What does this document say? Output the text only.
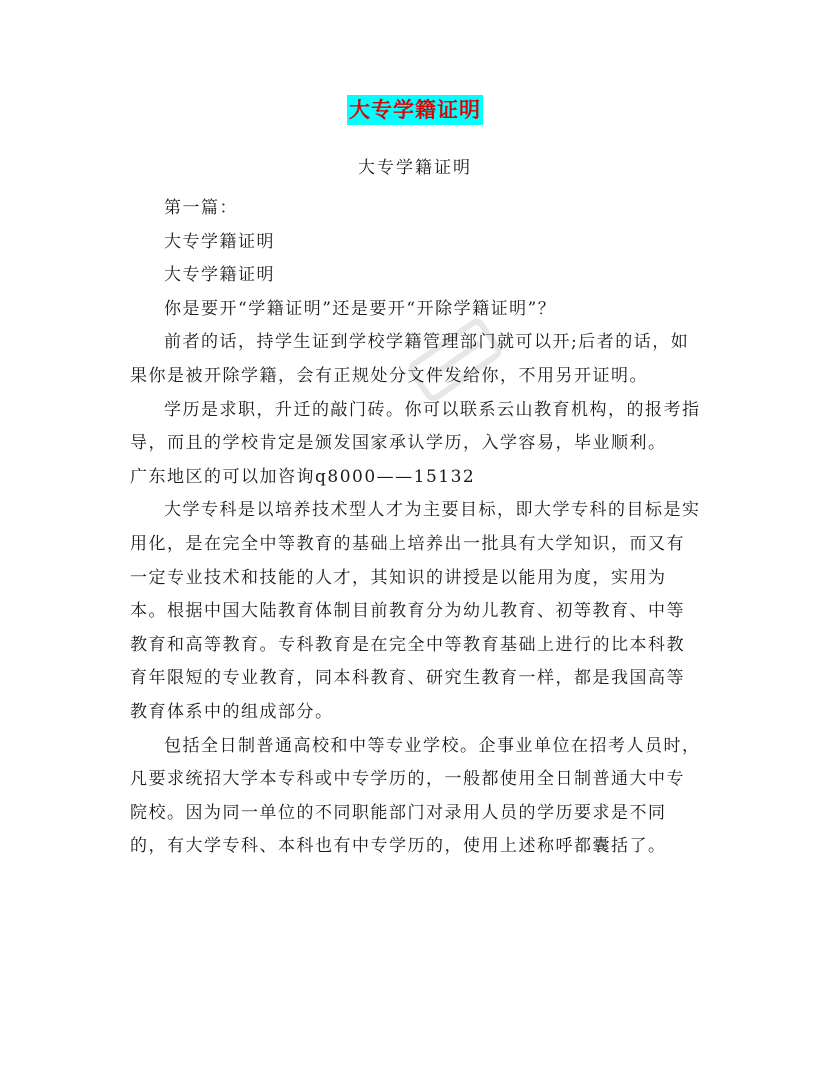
大专学籍证明
大专学籍证明

第一篇：

大专学籍证明

大专学籍证明

你是要开“学籍证明”还是要开“开除学籍证明”？

前者的话，持学生证到学校学籍管理部门就可以开;后者的话，如果你是被开除学籍，会有正规处分文件发给你，不用另开证明。

学历是求职，升迁的敲门砖。你可以联系云山教育机构，的报考指导，而且的学校肯定是颁发国家承认学历，入学容易，毕业顺利。

广东地区的可以加咨询q8000——15132

大学专科是以培养技术型人才为主要目标，即大学专科的目标是实用化，是在完全中等教育的基础上培养出一批具有大学知识，而又有一定专业技术和技能的人才，其知识的讲授是以能用为度，实用为本。根据中国大陆教育体制目前教育分为幼儿教育、初等教育、中等教育和高等教育。专科教育是在完全中等教育基础上进行的比本科教育年限短的专业教育，同本科教育、研究生教育一样，都是我国高等教育体系中的组成部分。

包括全日制普通高校和中等专业学校。企事业单位在招考人员时，凡要求统招大学本专科或中专学历的，一般都使用全日制普通大中专院校。因为同一单位的不同职能部门对录用人员的学历要求是不同的，有大学专科、本科也有中专学历的，使用上述称呼都囊括了。
